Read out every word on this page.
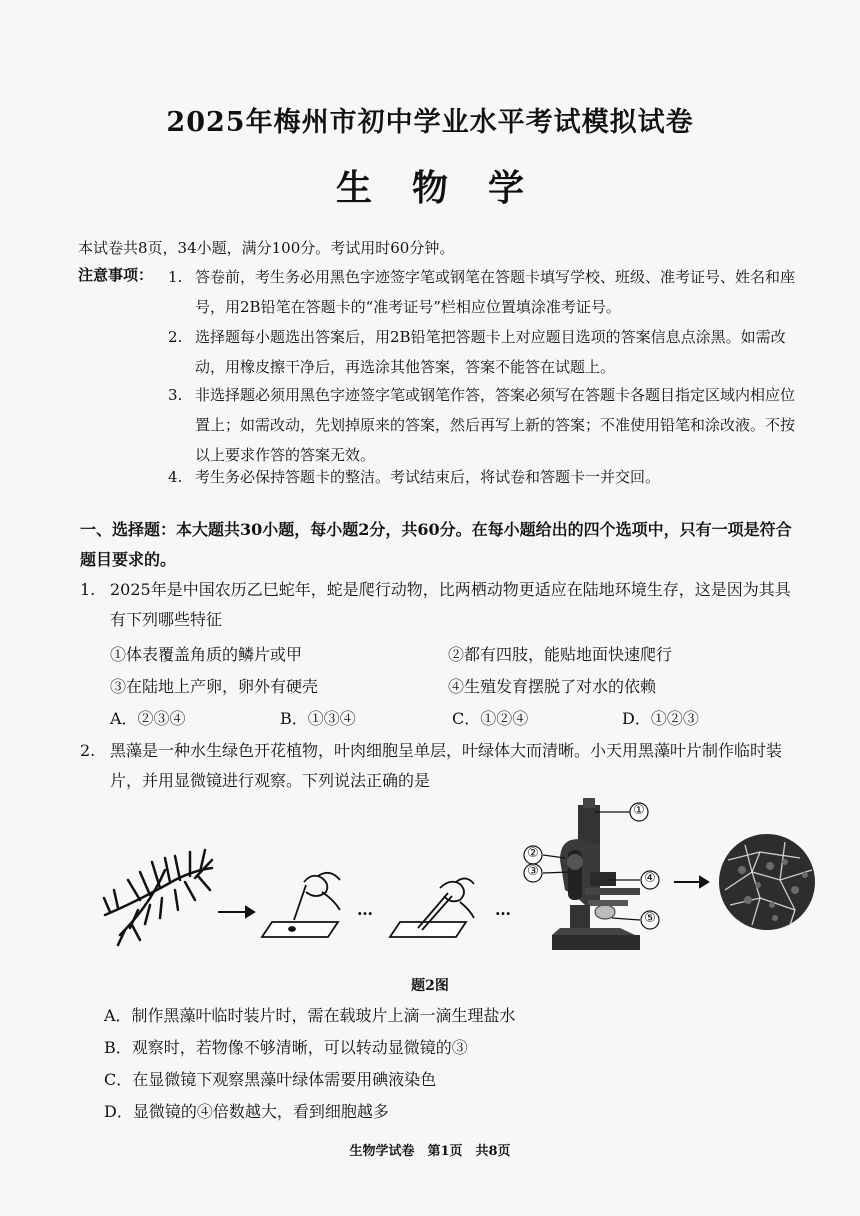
2025年梅州市初中学业水平考试模拟试卷
生物学
本试卷共8页，34小题，满分100分。考试用时60分钟。
注意事项： 1. 答卷前，考生务必用黑色字迹签字笔或钢笔在答题卡填写学校、班级、准考证号、姓名和座号，用2B铅笔在答题卡的“准考证号”栏相应位置填涂准考证号。
2. 选择题每小题选出答案后，用2B铅笔把答题卡上对应题目选项的答案信息点涂黑。如需改动，用橡皮擦干净后，再选涂其他答案，答案不能答在试题上。
3. 非选择题必须用黑色字迹签字笔或钢笔作答，答案必须写在答题卡各题目指定区域内相应位置上；如需改动，先划掉原来的答案，然后再写上新的答案；不准使用铅笔和涂改液。不按以上要求作答的答案无效。
4. 考生务必保持答题卡的整洁。考试结束后，将试卷和答题卡一并交回。
一、选择题：本大题共30小题，每小题2分，共60分。在每小题给出的四个选项中，只有一项是符合题目要求的。
1. 2025年是中国农历乙巳蛇年，蛇是爬行动物，比两栖动物更适应在陆地环境生存，这是因为其具有下列哪些特征
①体表覆盖角质的鳞片或甲	②都有四肢，能贴地面快速爬行
③在陆地上产卵，卵外有硬壳	④生殖发育摆脱了对水的依赖
A．②③④	B．①③④	C．①②④	D．①②③
2. 黑藻是一种水生绿色开花植物，叶肉细胞呈单层，叶绿体大而清晰。小天用黑藻叶片制作临时装片，并用显微镜进行观察。下列说法正确的是
①
②
③	④
⑤
…	…
题2图
A．制作黑藻叶临时装片时，需在载玻片上滴一滴生理盐水
B．观察时，若物像不够清晰，可以转动显微镜的③
C．在显微镜下观察黑藻叶绿体需要用碘液染色
D．显微镜的④倍数越大，看到细胞越多
生物学试卷　第1页　共8页
